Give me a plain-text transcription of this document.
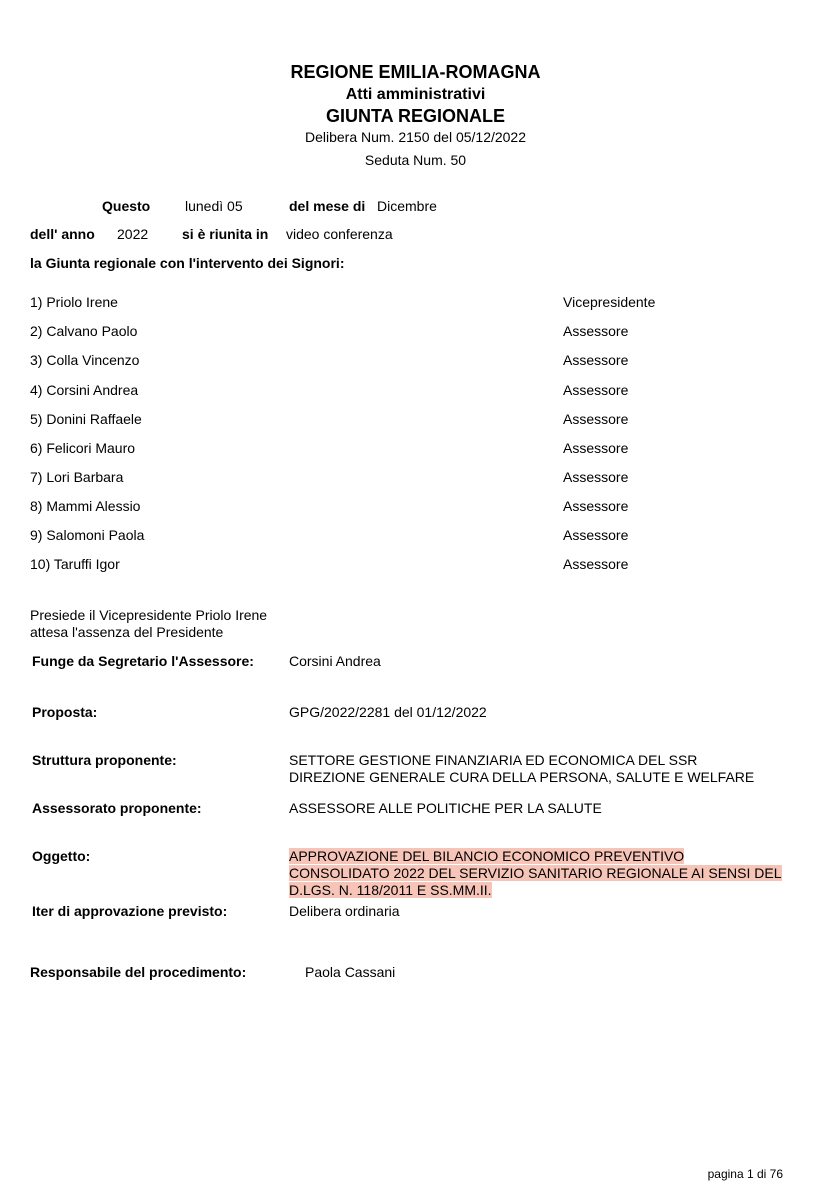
REGIONE EMILIA-ROMAGNA
Atti amministrativi
GIUNTA REGIONALE
Delibera Num. 2150 del 05/12/2022
Seduta Num. 50
Questo lunedì 05	del mese di Dicembre
dell' anno 2022 si è riunita in video conferenza
la Giunta regionale con l'intervento dei Signori:
1) Priolo Irene	Vicepresidente
2) Calvano Paolo	Assessore
3) Colla Vincenzo	Assessore
4) Corsini Andrea	Assessore
5) Donini Raffaele	Assessore
6) Felicori Mauro	Assessore
7) Lori Barbara	Assessore
8) Mammi Alessio	Assessore
9) Salomoni Paola	Assessore
10) Taruffi Igor	Assessore
Presiede il Vicepresidente Priolo Irene
attesa l'assenza del Presidente
Funge da Segretario l'Assessore:	Corsini Andrea
Proposta:	GPG/2022/2281 del 01/12/2022
Struttura proponente:	SETTORE GESTIONE FINANZIARIA ED ECONOMICA DEL SSR
DIREZIONE GENERALE CURA DELLA PERSONA, SALUTE E WELFARE
Assessorato proponente:	ASSESSORE ALLE POLITICHE PER LA SALUTE
Oggetto:	APPROVAZIONE DEL BILANCIO ECONOMICO PREVENTIVO
CONSOLIDATO 2022 DEL SERVIZIO SANITARIO REGIONALE AI SENSI DEL
D.LGS. N. 118/2011 E SS.MM.II.
Iter di approvazione previsto:	Delibera ordinaria
Responsabile del procedimento:	Paola Cassani
pagina 1 di 76
